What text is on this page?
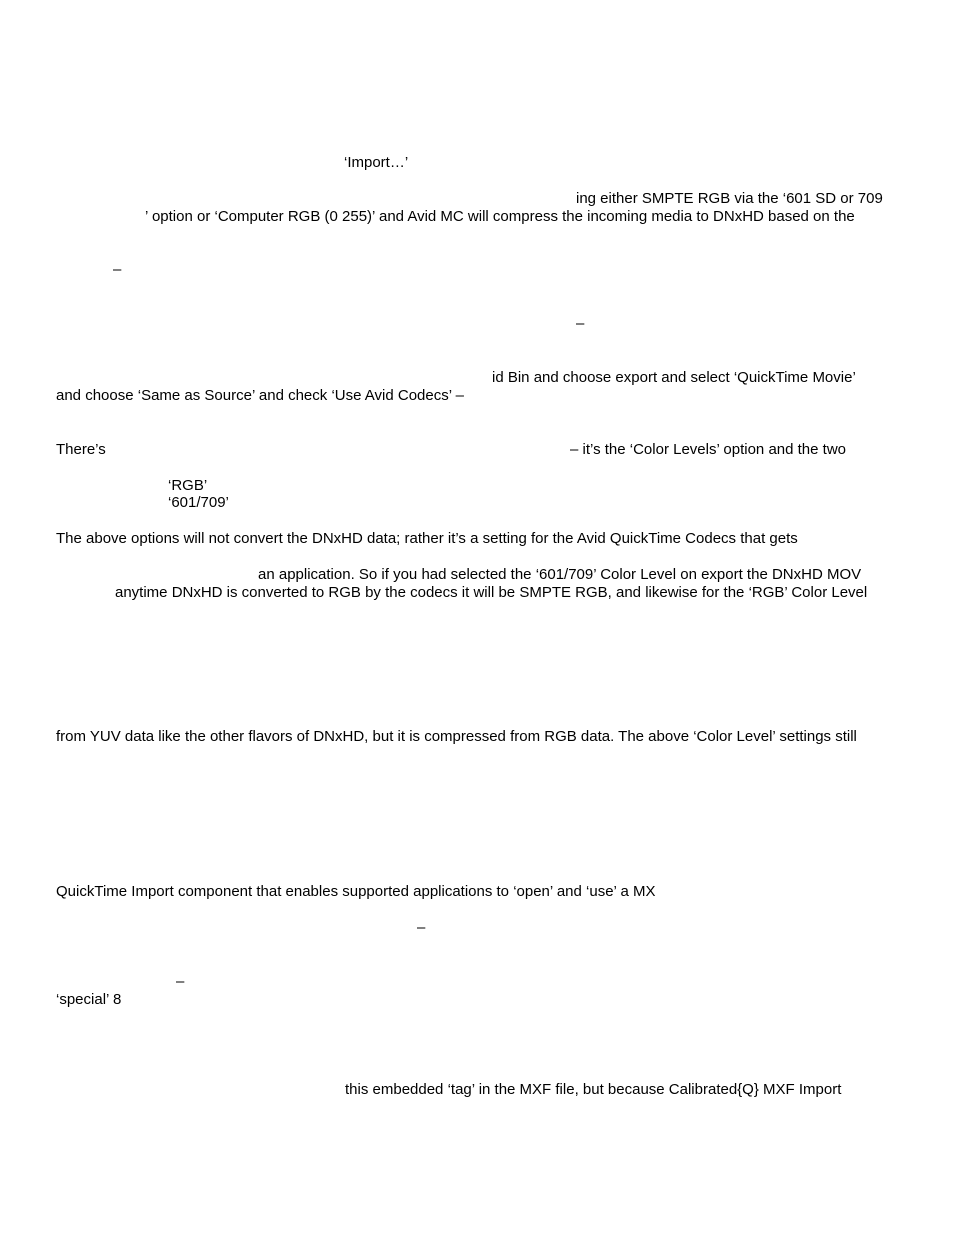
‘Import…’
ing either SMPTE RGB via the ‘601 SD or 709
’ option or ‘Computer RGB (0 255)’ and Avid MC will compress the incoming media to DNxHD based on the
–
–
id Bin and choose export and select ‘QuickTime Movie’
and choose ‘Same as Source’ and check ‘Use Avid Codecs’ –
There’s	– it’s the ‘Color Levels’ option and the two
‘RGB’
‘601/709’
The above options will not convert the DNxHD data; rather it’s a setting for the Avid QuickTime Codecs that gets
an application. So if you had selected the ‘601/709’ Color Level on export the DNxHD MOV
anytime DNxHD is converted to RGB by the codecs it will be SMPTE RGB, and likewise for the ‘RGB’ Color Level
from YUV data like the other flavors of DNxHD, but it is compressed from RGB data. The above ‘Color Level’ settings still
QuickTime Import component that enables supported applications to ‘open’ and ‘use’ a MX
–
–
‘special’ 8
this embedded ‘tag’ in the MXF file, but because Calibrated{Q} MXF Import
